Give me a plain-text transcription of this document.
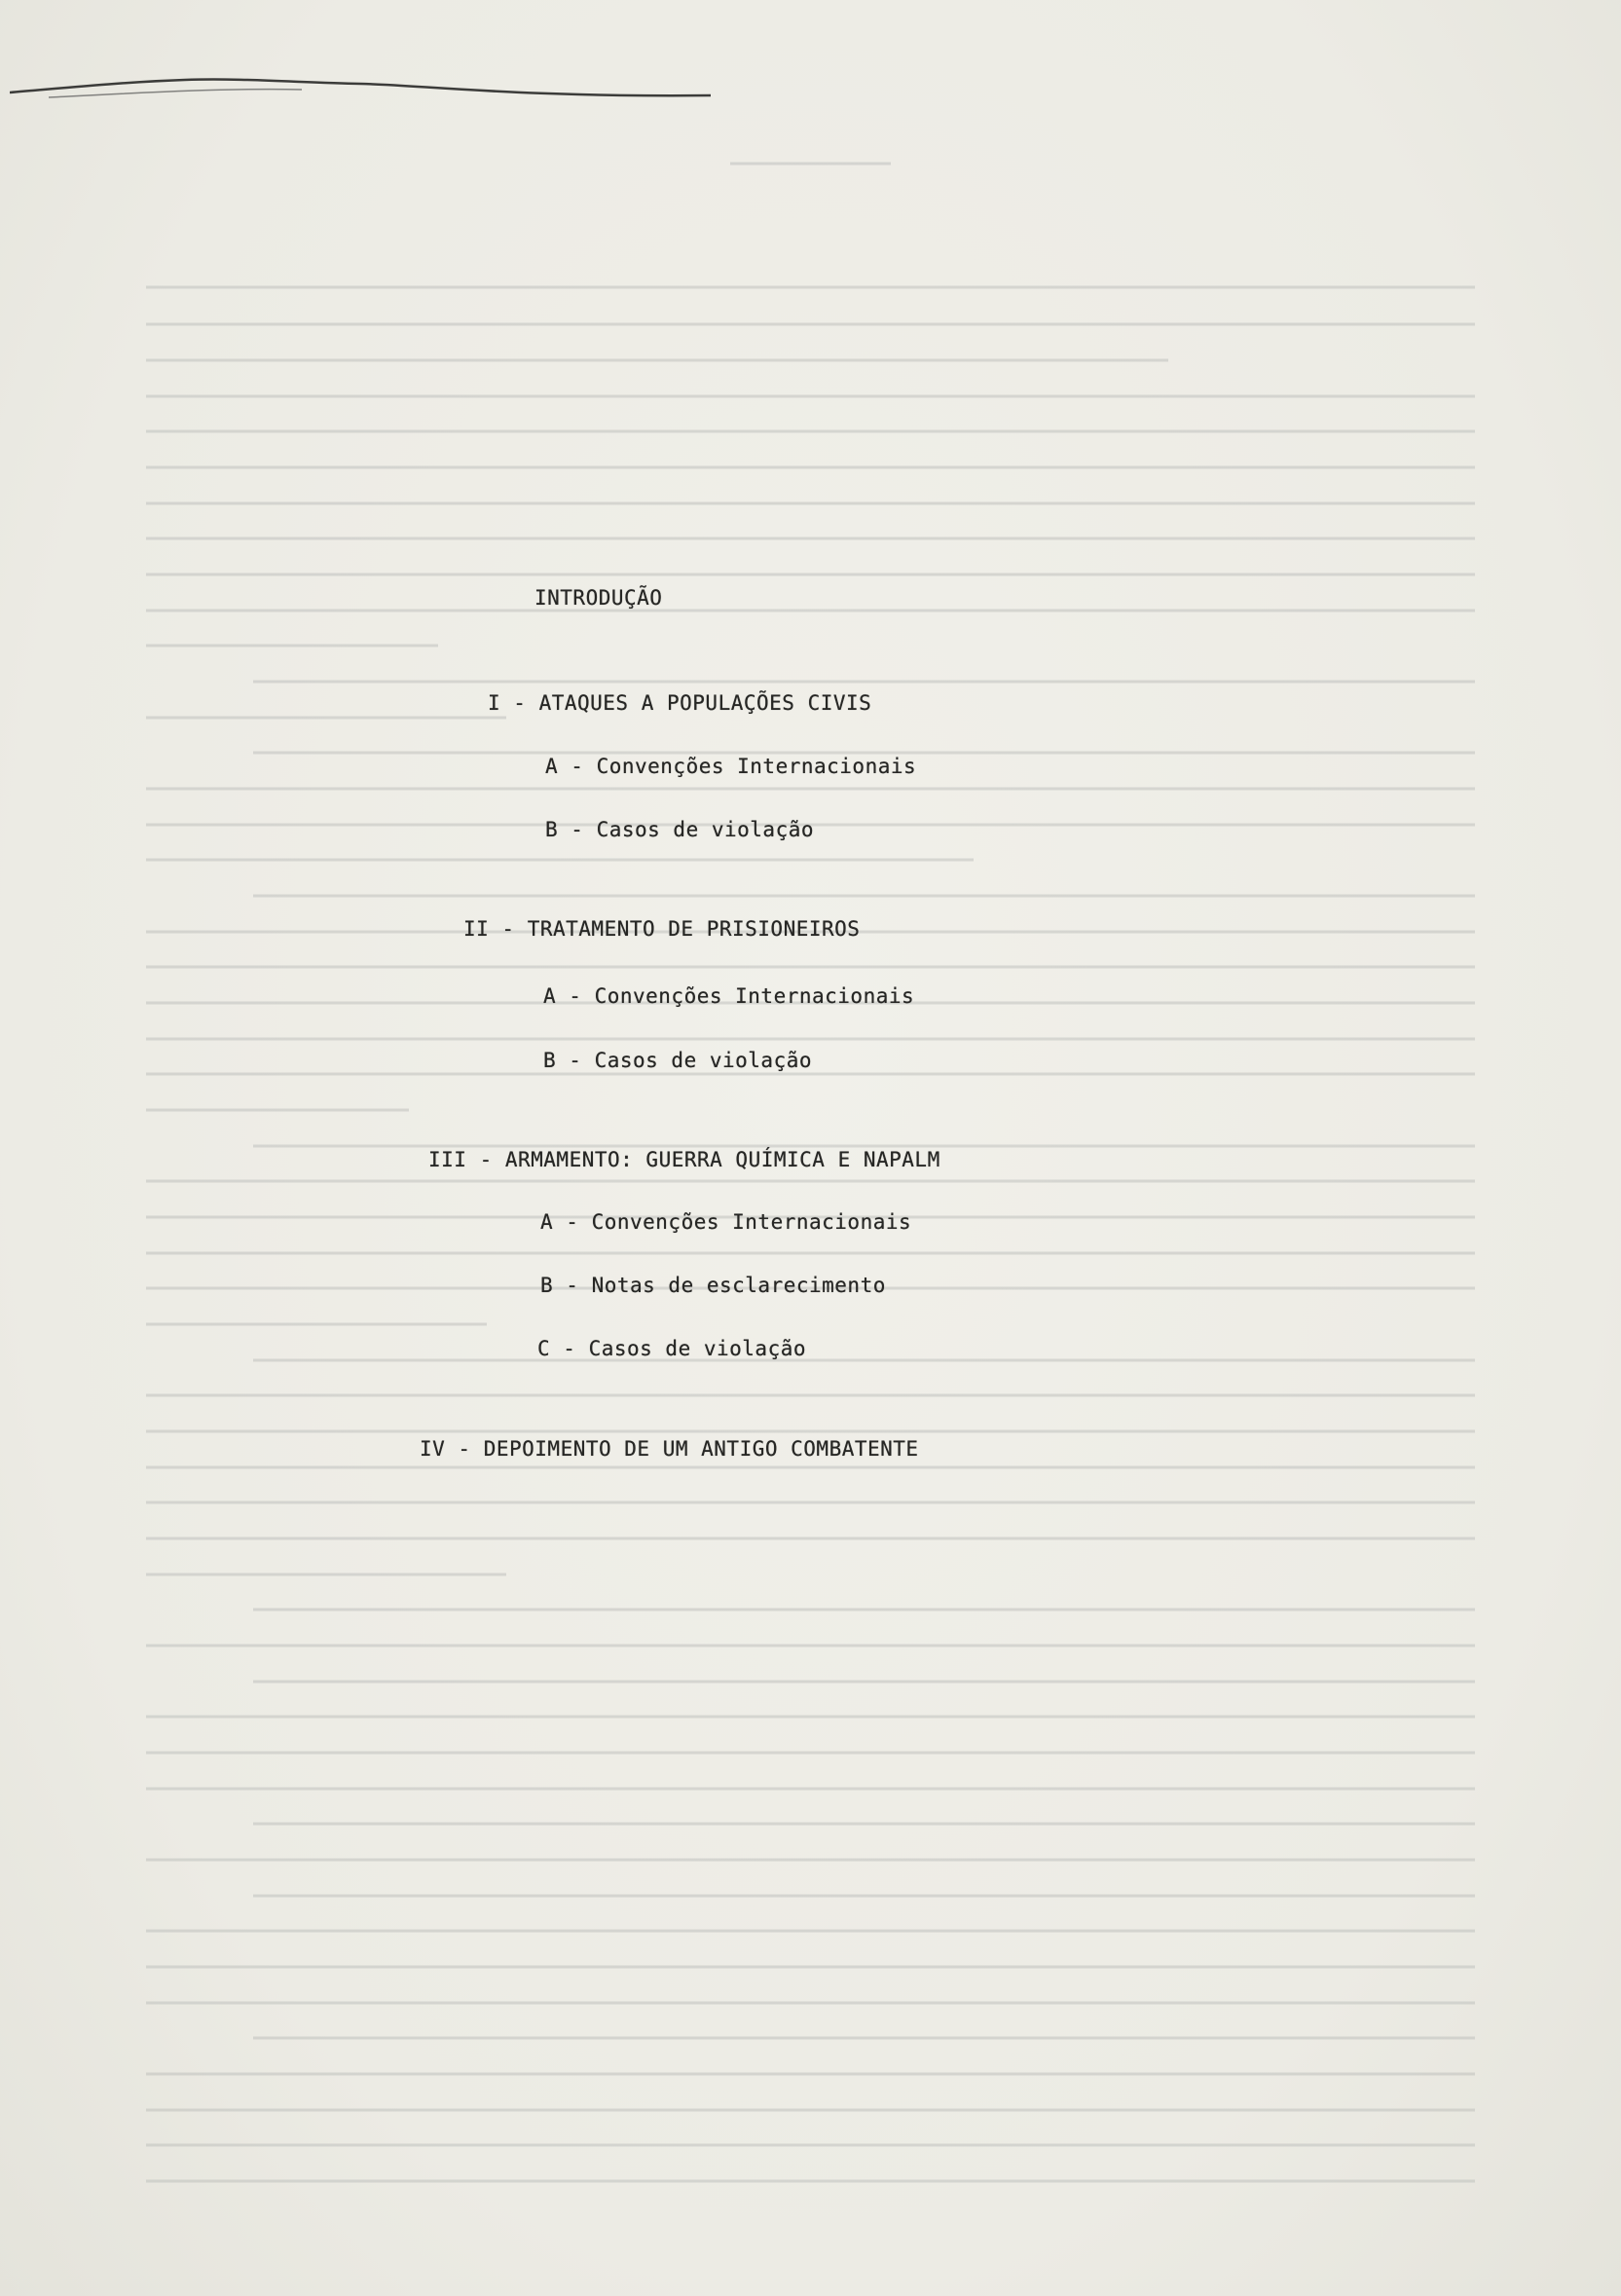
INTRODUÇÃO
I - ATAQUES A POPULAÇÕES CIVIS
A - Convenções Internacionais
B - Casos de violação
II - TRATAMENTO DE PRISIONEIROS
A - Convenções Internacionais
B - Casos de violação
III - ARMAMENTO: GUERRA QUÍMICA E NAPALM
A - Convenções Internacionais
B - Notas de esclarecimento
C - Casos de violação
IV - DEPOIMENTO DE UM ANTIGO COMBATENTE
